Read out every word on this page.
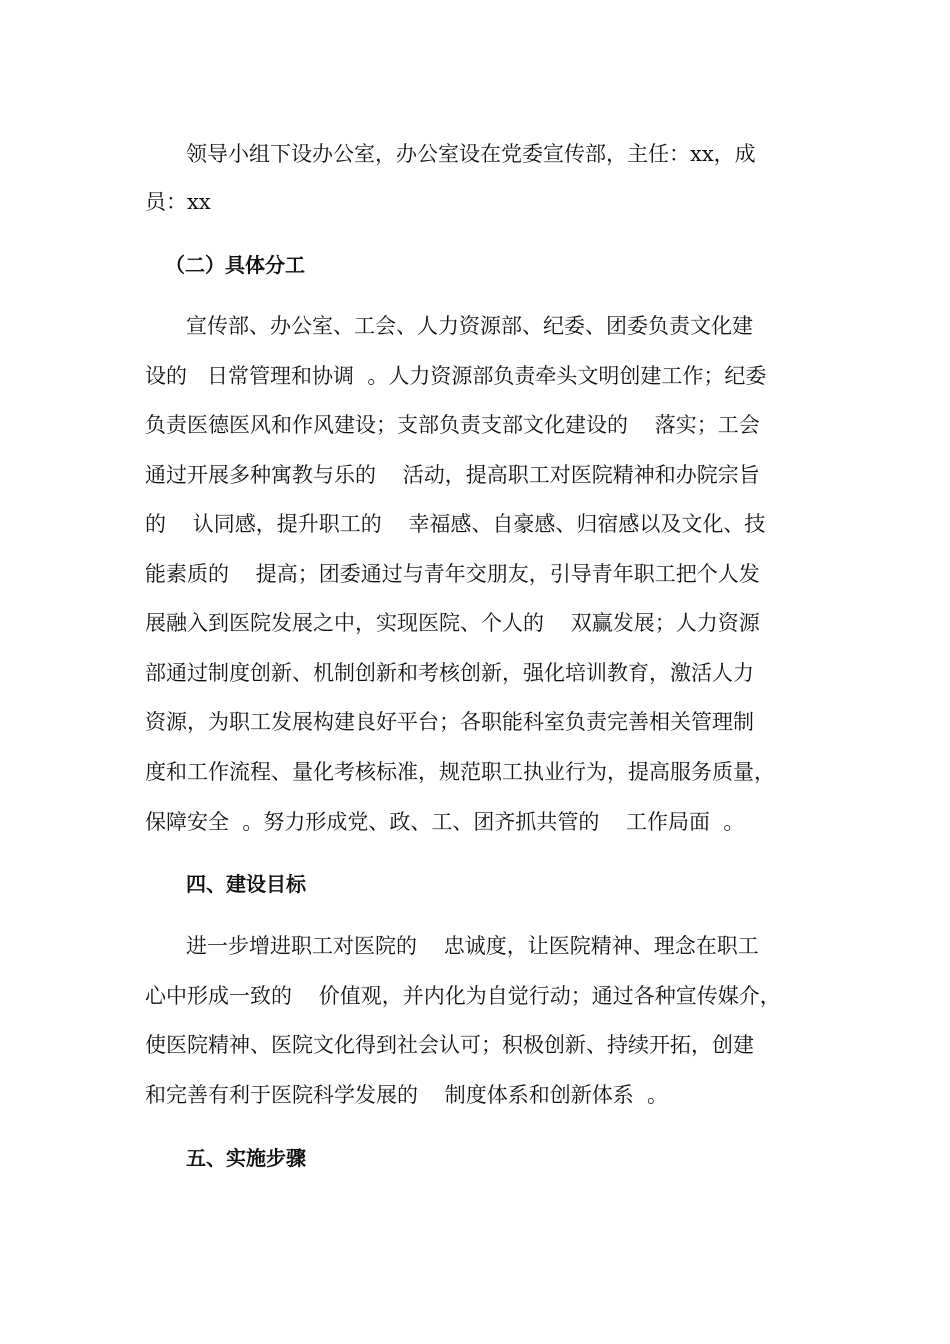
领导小组下设办公室，办公室设在党委宣传部，主任：xx，成
员：xx
（二）具体分工
宣传部、办公室、工会、人力资源部、纪委、团委负责文化建
设的   日常管理和协调  。人力资源部负责牵头文明创建工作；纪委
负责医德医风和作风建设；支部负责支部文化建设的    落实；工会
通过开展多种寓教与乐的    活动，提高职工对医院精神和办院宗旨
的    认同感，提升职工的    幸福感、自豪感、归宿感以及文化、技
能素质的    提高；团委通过与青年交朋友，引导青年职工把个人发
展融入到医院发展之中，实现医院、个人的    双赢发展；人力资源
部通过制度创新、机制创新和考核创新，强化培训教育，激活人力
资源，为职工发展构建良好平台；各职能科室负责完善相关管理制
度和工作流程、量化考核标准，规范职工执业行为，提高服务质量，
保障安全  。努力形成党、政、工、团齐抓共管的    工作局面  。
四、建设目标
进一步增进职工对医院的    忠诚度，让医院精神、理念在职工
心中形成一致的    价值观，并内化为自觉行动；通过各种宣传媒介，
使医院精神、医院文化得到社会认可；积极创新、持续开拓，创建
和完善有利于医院科学发展的    制度体系和创新体系  。
五、实施步骤
